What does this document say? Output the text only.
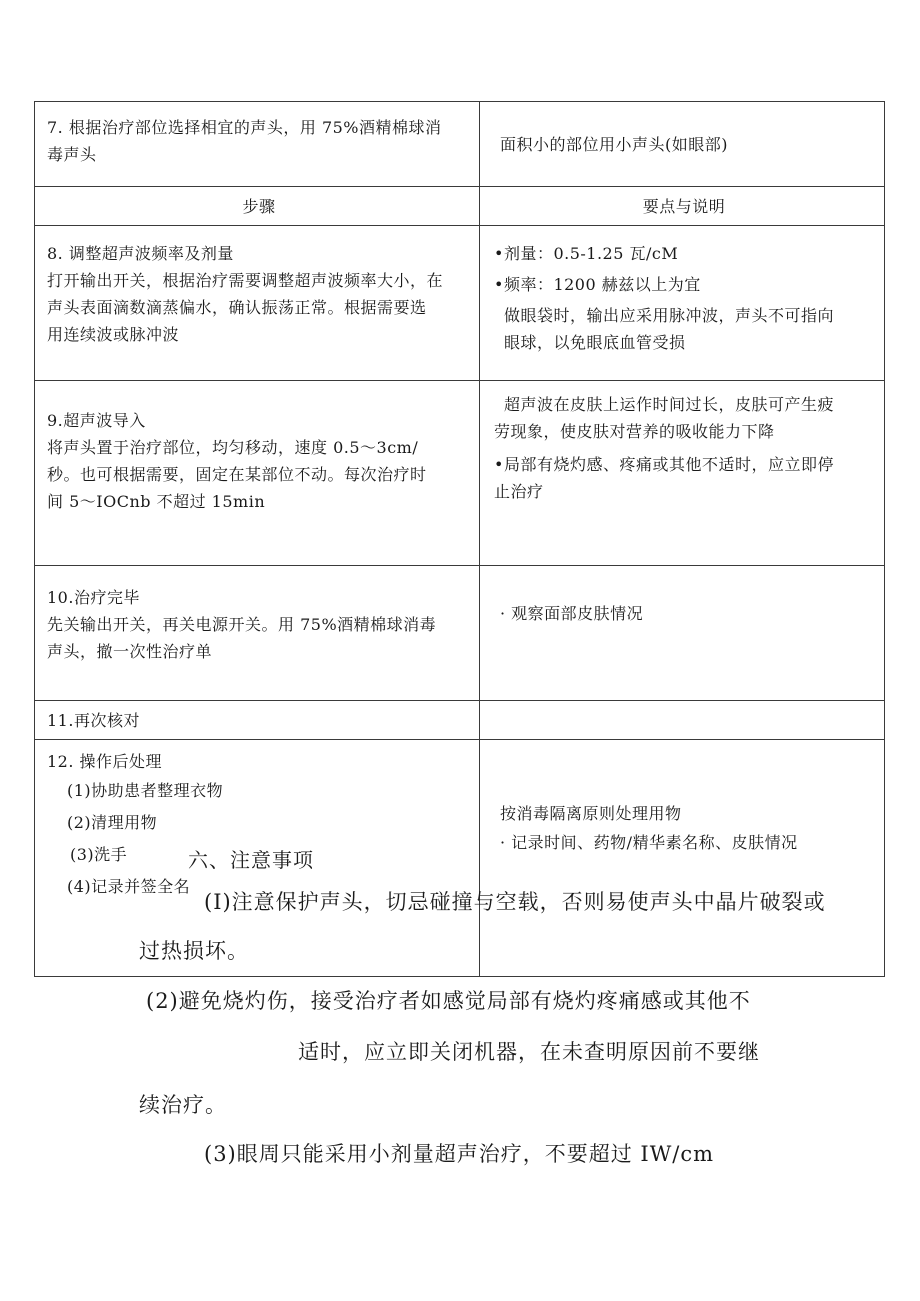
7. 根据治疗部位选择相宜的声头，用 75%酒精棉球消
毒声头	面积小的部位用小声头(如眼部)

步骤	要点与说明

8. 调整超声波频率及剂量
打开输出开关，根据治疗需要调整超声波频率大小，在
声头表面滴数滴蒸偏水，确认振荡正常。根据需要选
用连续波或脉冲波	•剂量：0.5-1.25 瓦/cM
•频率：1200 赫兹以上为宜
做眼袋时，输出应采用脉冲波，声头不可指向
眼球，以免眼底血管受损

9.超声波导入
将声头置于治疗部位，均匀移动，速度 0.5～3cm∕
秒。也可根据需要，固定在某部位不动。每次治疗时
间 5～IOCnb 不超过 15min	超声波在皮肤上运作时间过长，皮肤可产生疲
劳现象，使皮肤对营养的吸收能力下降
•局部有烧灼感、疼痛或其他不适时，应立即停
止治疗

10.治疗完毕
先关输出开关，再关电源开关。用 75%酒精棉球消毒
声头，撤一次性治疗单	· 观察面部皮肤情况

11.再次核对	

12. 操作后处理
(1)协助患者整理衣物
(2)清理用物
(3)洗手
(4)记录并签全名	按消毒隔离原则处理用物
· 记录时间、药物/精华素名称、皮肤情况
六、注意事项
(I)注意保护声头，切忌碰撞与空载，否则易使声头中晶片破裂或
过热损坏。
(2)避免烧灼伤，接受治疗者如感觉局部有烧灼疼痛感或其他不
适时，应立即关闭机器，在未查明原因前不要继
续治疗。
(3)眼周只能采用小剂量超声治疗，不要超过 IW/cm
